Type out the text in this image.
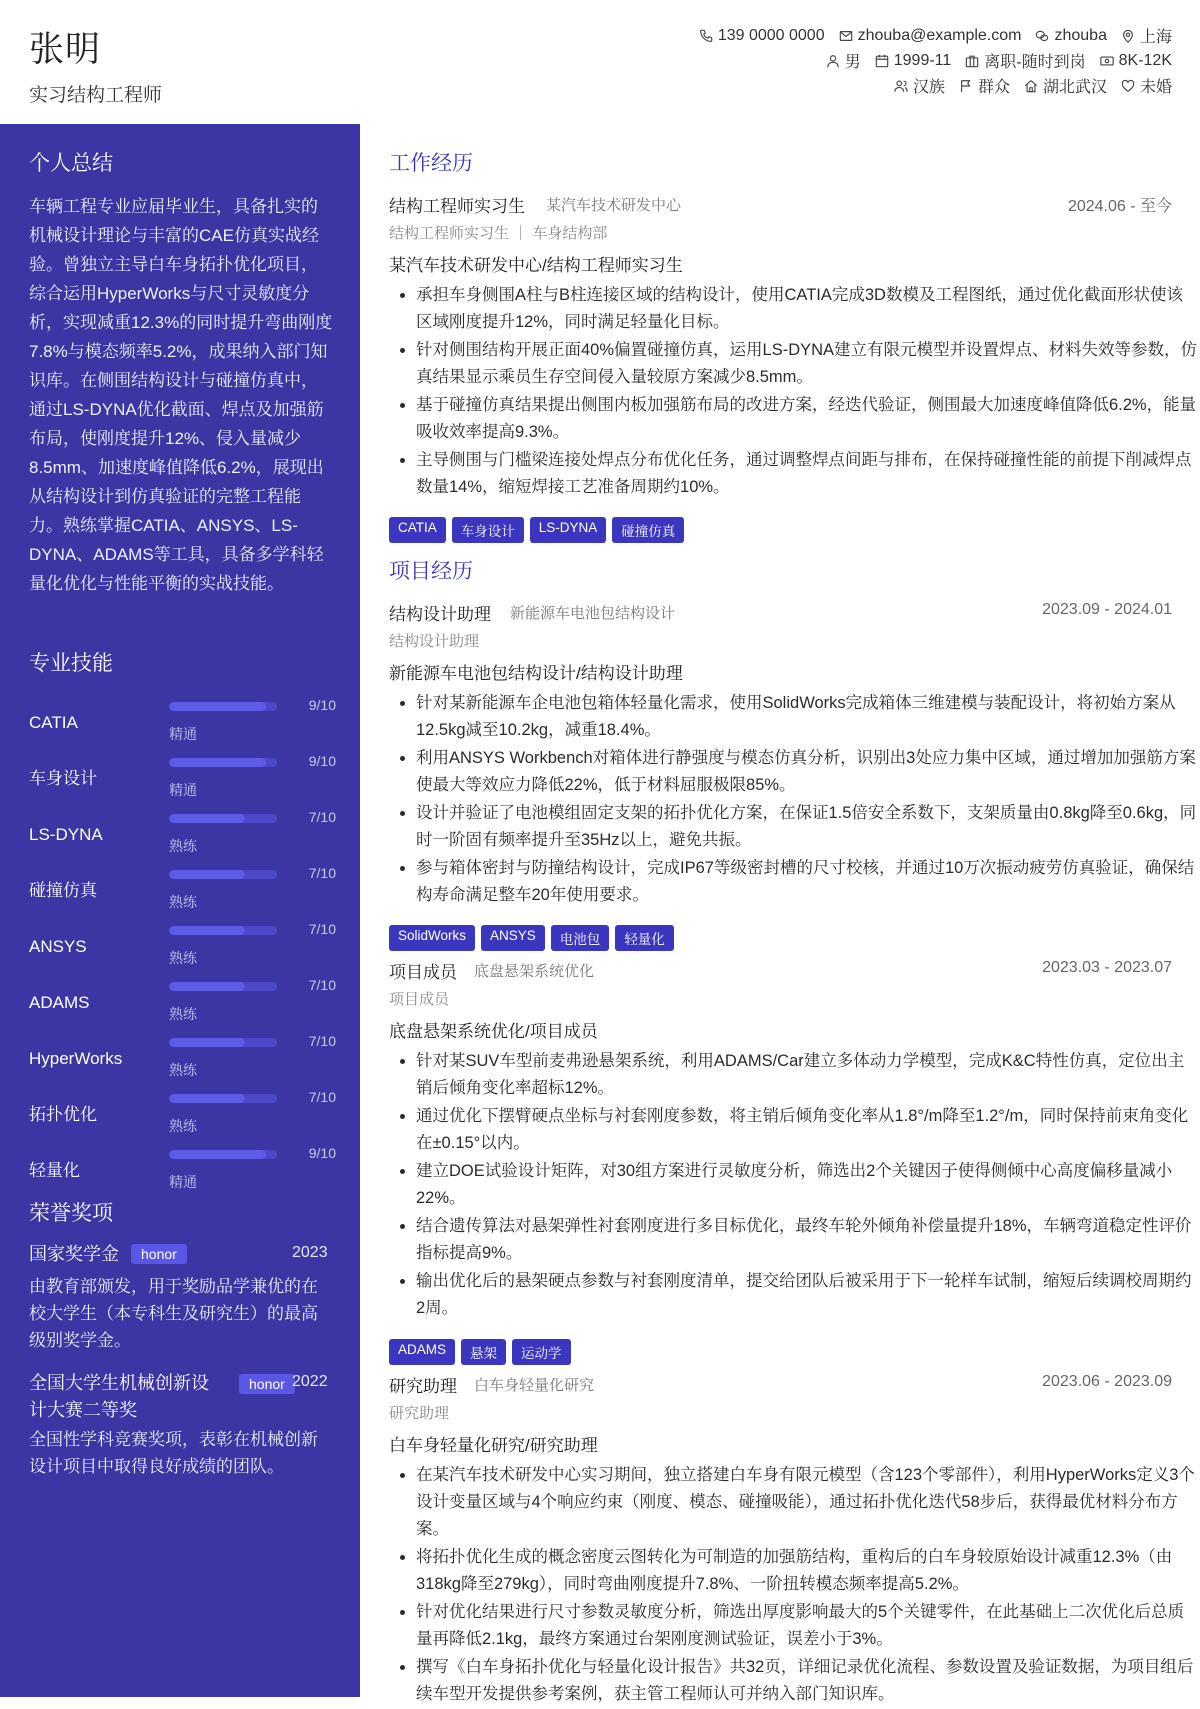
张明
实习结构工程师
139 0000 0000 zhouba@example.com zhouba 上海
男 1999-11 离职-随时到岗 8K-12K
汉族 群众 湖北武汉 未婚
个人总结

车辆工程专业应届毕业生，具备扎实的机械设计理论与丰富的CAE仿真实战经验。曾独立主导白车身拓扑优化项目，综合运用HyperWorks与尺寸灵敏度分析，实现减重12.3%的同时提升弯曲刚度7.8%与模态频率5.2%，成果纳入部门知识库。在侧围结构设计与碰撞仿真中，通过LS-DYNA优化截面、焊点及加强筋布局，使刚度提升12%、侵入量减少8.5mm、加速度峰值降低6.2%，展现出从结构设计到仿真验证的完整工程能力。熟练掌握CATIA、ANSYS、LS-DYNA、ADAMS等工具，具备多学科轻量化优化与性能平衡的实战技能。

专业技能
CATIA
9/10
精通
车身设计
9/10
精通
LS-DYNA
7/10
熟练
碰撞仿真
7/10
熟练
ANSYS
7/10
熟练
ADAMS
7/10
熟练
HyperWorks
7/10
熟练
拓扑优化
7/10
熟练
轻量化
9/10
精通
荣誉奖项
国家奖学金	honor	2023

由教育部颁发，用于奖励品学兼优的在校大学生（本专科生及研究生）的最高级别奖学金。

全国大学生机械创新设计大赛二等奖
honor 2022

全国性学科竞赛奖项，表彰在机械创新设计项目中取得良好成绩的团队。

工作经历
结构工程师实习生 某汽车技术研发中心	2024.06 - 至今
结构工程师实习生 ｜ 车身结构部
某汽车技术研发中心/结构工程师实习生
• 承担车身侧围A柱与B柱连接区域的结构设计，使用CATIA完成3D数模及工程图纸，通过优化截面形状使该区域刚度提升12%，同时满足轻量化目标。
• 针对侧围结构开展正面40%偏置碰撞仿真，运用LS-DYNA建立有限元模型并设置焊点、材料失效等参数，仿真结果显示乘员生存空间侵入量较原方案减少8.5mm。
• 基于碰撞仿真结果提出侧围内板加强筋布局的改进方案，经迭代验证，侧围最大加速度峰值降低6.2%，能量吸收效率提高9.3%。
• 主导侧围与门槛梁连接处焊点分布优化任务，通过调整焊点间距与排布，在保持碰撞性能的前提下削减焊点数量14%，缩短焊接工艺准备周期约10%。
CATIA	车身设计	LS-DYNA	碰撞仿真
项目经历
结构设计助理 新能源车电池包结构设计	2023.09 - 2024.01
结构设计助理
新能源车电池包结构设计/结构设计助理
• 针对某新能源车企电池包箱体轻量化需求，使用SolidWorks完成箱体三维建模与装配设计，将初始方案从12.5kg减至10.2kg，减重18.4%。
• 利用ANSYS Workbench对箱体进行静强度与模态仿真分析，识别出3处应力集中区域，通过增加加强筋方案使最大等效应力降低22%，低于材料屈服极限85%。
• 设计并验证了电池模组固定支架的拓扑优化方案，在保证1.5倍安全系数下，支架质量由0.8kg降至0.6kg，同时一阶固有频率提升至35Hz以上，避免共振。
• 参与箱体密封与防撞结构设计，完成IP67等级密封槽的尺寸校核，并通过10万次振动疲劳仿真验证，确保结构寿命满足整车20年使用要求。
SolidWorks	ANSYS	电池包	轻量化
项目成员 底盘悬架系统优化	2023.03 - 2023.07
项目成员
底盘悬架系统优化/项目成员
• 针对某SUV车型前麦弗逊悬架系统，利用ADAMS/Car建立多体动力学模型，完成K&C特性仿真，定位出主销后倾角变化率超标12%。
• 通过优化下摆臂硬点坐标与衬套刚度参数，将主销后倾角变化率从1.8°/m降至1.2°/m，同时保持前束角变化在±0.15°以内。
• 建立DOE试验设计矩阵，对30组方案进行灵敏度分析，筛选出2个关键因子使得侧倾中心高度偏移量减小22%。
• 结合遗传算法对悬架弹性衬套刚度进行多目标优化，最终车轮外倾角补偿量提升18%，车辆弯道稳定性评价指标提高9%。
• 输出优化后的悬架硬点参数与衬套刚度清单，提交给团队后被采用于下一轮样车试制，缩短后续调校周期约2周。
ADAMS	悬架	运动学
研究助理 白车身轻量化研究	2023.06 - 2023.09
研究助理
白车身轻量化研究/研究助理
• 在某汽车技术研发中心实习期间，独立搭建白车身有限元模型（含123个零部件），利用HyperWorks定义3个设计变量区域与4个响应约束（刚度、模态、碰撞吸能），通过拓扑优化迭代58步后，获得最优材料分布方案。
• 将拓扑优化生成的概念密度云图转化为可制造的加强筋结构，重构后的白车身较原始设计减重12.3%（由318kg降至279kg），同时弯曲刚度提升7.8%、一阶扭转模态频率提高5.2%。
• 针对优化结果进行尺寸参数灵敏度分析，筛选出厚度影响最大的5个关键零件，在此基础上二次优化后总质量再降低2.1kg，最终方案通过台架刚度测试验证，误差小于3%。
• 撰写《白车身拓扑优化与轻量化设计报告》共32页，详细记录优化流程、参数设置及验证数据，为项目组后续车型开发提供参考案例，获主管工程师认可并纳入部门知识库。
